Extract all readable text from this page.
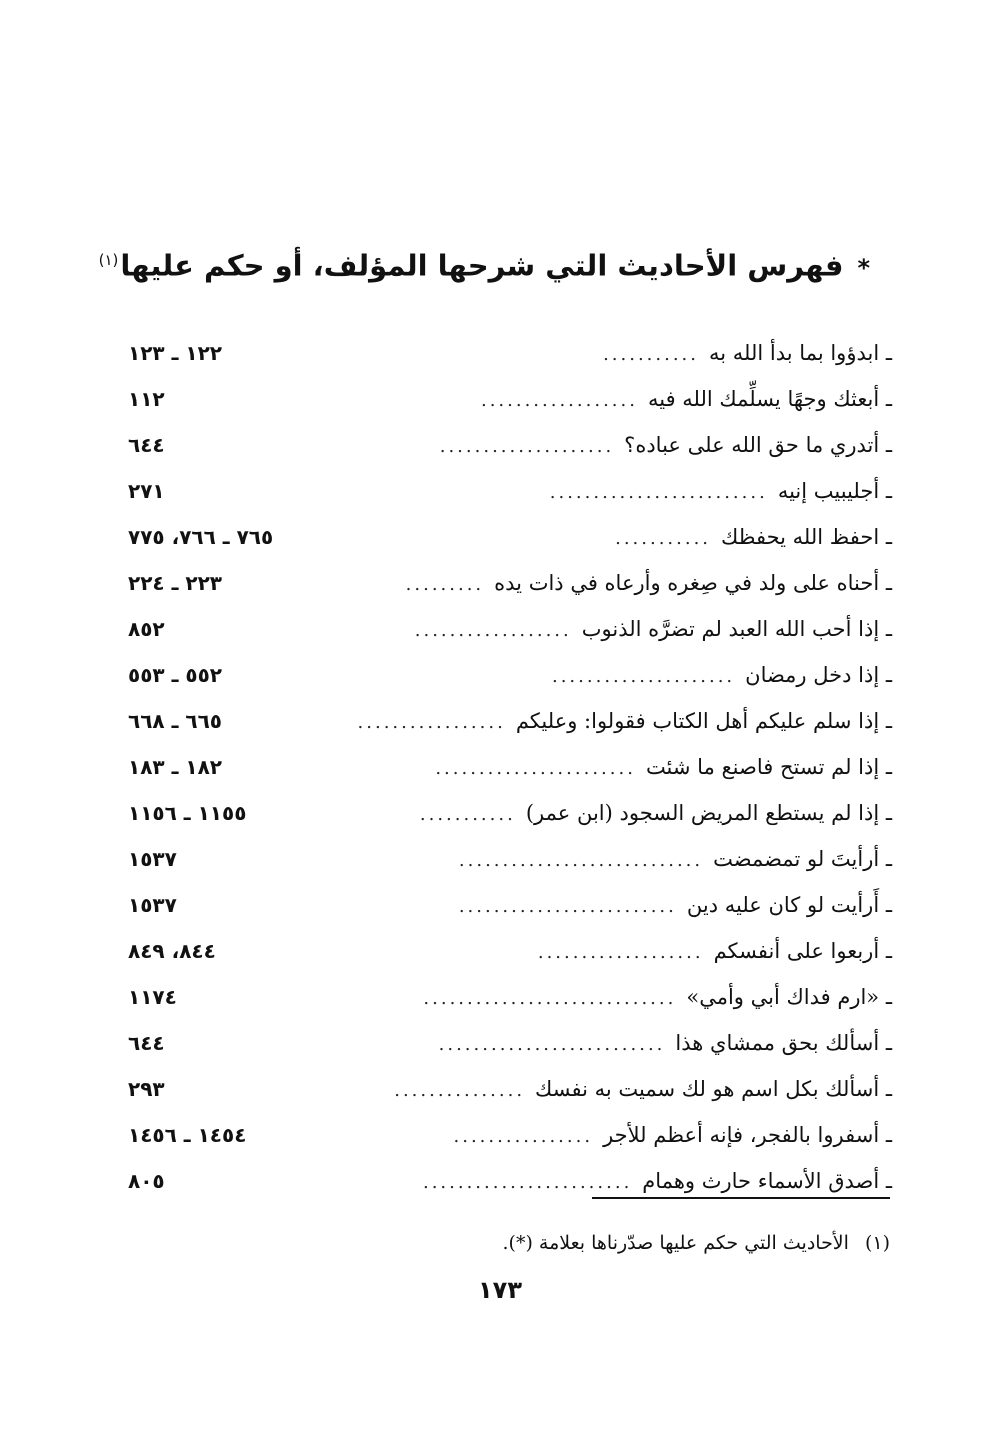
*فهرس الأحاديث التي شرحها المؤلف، أو حكم عليها$^{(١)}$
ـ ابدؤوا بما بدأ الله به
...........
١٢٢ ـ ١٢٣
ـ أبعثك وجهًا يسلِّمك الله فيه
..................
١١٢
ـ أتدري ما حق الله على عباده؟
....................
٦٤٤
ـ أجليبيب إنيه
.........................
٢٧١
ـ احفظ الله يحفظك
...........
٧٦٥ ـ ٧٦٦، ٧٧٥
ـ أحناه على ولد في صِغره وأرعاه في ذات يده
.........
٢٢٣ ـ ٢٢٤
ـ إذا أحب الله العبد لم تضرَّه الذنوب
..................
٨٥٢
ـ إذا دخل رمضان
.....................
٥٥٢ ـ ٥٥٣
ـ إذا سلم عليكم أهل الكتاب فقولوا: وعليكم
.................
٦٦٥ ـ ٦٦٨
ـ إذا لم تستح فاصنع ما شئت
.......................
١٨٢ ـ ١٨٣
ـ إذا لم يستطع المريض السجود (ابن عمر)
...........
١١٥٥ ـ ١١٥٦
ـ أرأيتَ لو تمضمضت
............................
١٥٣٧
ـ أَرأيت لو كان عليه دين
.........................
١٥٣٧
ـ أربعوا على أنفسكم
...................
٨٤٤، ٨٤٩
ـ «ارم فداك أبي وأمي»
.............................
١١٧٤
ـ أسألك بحق ممشاي هذا
..........................
٦٤٤
ـ أسألك بكل اسم هو لك سميت به نفسك
...............
٢٩٣
ـ أسفروا بالفجر، فإنه أعظم للأجر
................
١٤٥٤ ـ ١٤٥٦
ـ أصدق الأسماء حارث وهمام
........................
٨٠٥
(١)الأحاديث التي حكم عليها صدّرناها بعلامة (*).
١٧٣
